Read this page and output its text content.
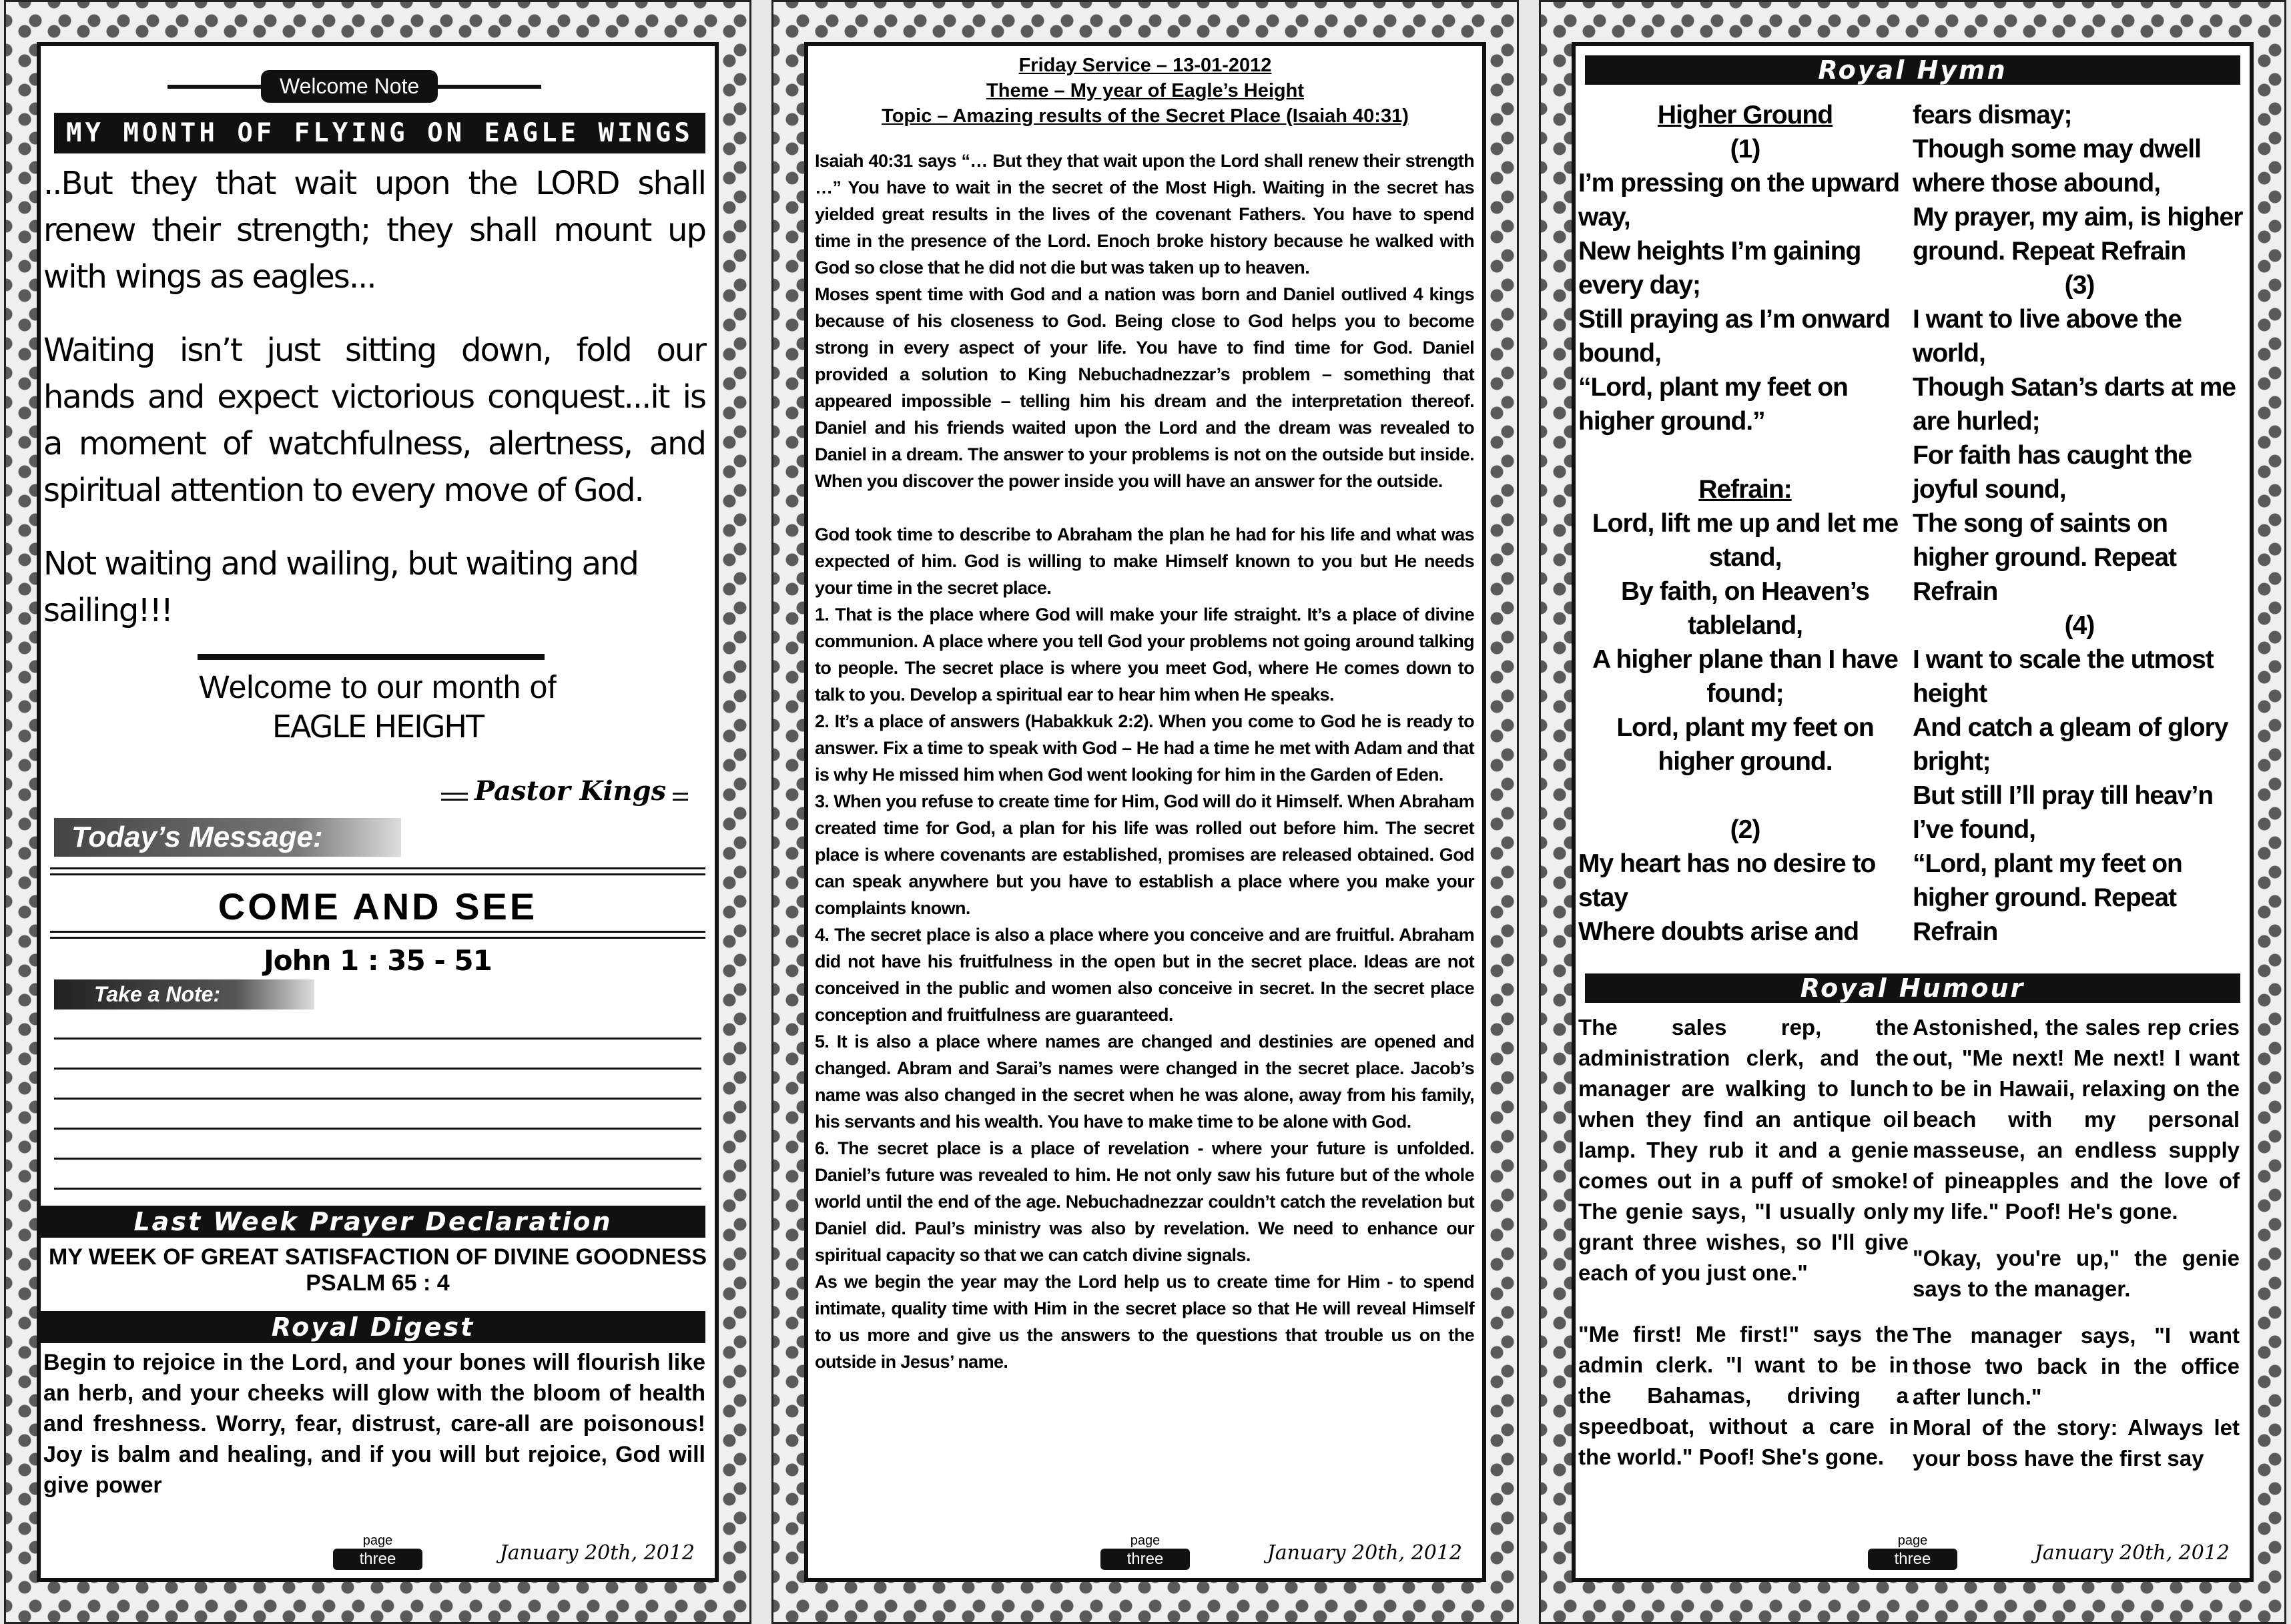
Welcome Note
MY MONTH OF FLYING ON EAGLE WINGS
..But they that wait upon the LORD shall renew their strength; they shall mount up with wings as eagles...
Waiting isn’t just sitting down, fold our hands and expect victorious conquest...it is a moment of watchfulness, alertness, and spiritual attention to every move of God.
Not waiting and wailing, but waiting and sailing!!!
Welcome to our month of
EAGLE HEIGHT
Pastor Kings
Today’s Message:
COME AND SEE
John 1 : 35 - 51
Take a Note:
Last Week Prayer Declaration
MY WEEK OF GREAT SATISFACTION OF DIVINE GOODNESS
PSALM 65 : 4
Royal Digest
Begin to rejoice in the Lord, and your bones will flourish like an herb, and your cheeks will glow with the bloom of health and freshness. Worry, fear, distrust, care-all are poisonous! Joy is balm and healing, and if you will but rejoice, God will give power
page
three	January 20th, 2012
Friday Service – 13-01-2012
Theme – My year of Eagle’s Height
Topic – Amazing results of the Secret Place (Isaiah 40:31)

Isaiah 40:31 says “… But they that wait upon the Lord shall renew their strength …” You have to wait in the secret of the Most High. Waiting in the secret has yielded great results in the lives of the covenant Fathers. You have to spend time in the presence of the Lord. Enoch broke history because he walked with God so close that he did not die but was taken up to heaven.

Moses spent time with God and a nation was born and Daniel outlived 4 kings because of his closeness to God. Being close to God helps you to become strong in every aspect of your life. You have to find time for God. Daniel provided a solution to King Nebuchadnezzar’s problem – something that appeared impossible – telling him his dream and the interpretation thereof. Daniel and his friends waited upon the Lord and the dream was revealed to Daniel in a dream. The answer to your problems is not on the outside but inside. When you discover the power inside you will have an answer for the outside.

God took time to describe to Abraham the plan he had for his life and what was expected of him. God is willing to make Himself known to you but He needs your time in the secret place.

1. That is the place where God will make your life straight. It’s a place of divine communion. A place where you tell God your problems not going around talking to people. The secret place is where you meet God, where He comes down to talk to you. Develop a spiritual ear to hear him when He speaks.

2. It’s a place of answers (Habakkuk 2:2). When you come to God he is ready to answer. Fix a time to speak with God – He had a time he met with Adam and that is why He missed him when God went looking for him in the Garden of Eden.

3. When you refuse to create time for Him, God will do it Himself. When Abraham created time for God, a plan for his life was rolled out before him. The secret place is where covenants are established, promises are released obtained. God can speak anywhere but you have to establish a place where you make your complaints known.

4. The secret place is also a place where you conceive and are fruitful. Abraham did not have his fruitfulness in the open but in the secret place. Ideas are not conceived in the public and women also conceive in secret. In the secret place conception and fruitfulness are guaranteed.

5. It is also a place where names are changed and destinies are opened and changed. Abram and Sarai’s names were changed in the secret place. Jacob’s name was also changed in the secret when he was alone, away from his family, his servants and his wealth. You have to make time to be alone with God.

6. The secret place is a place of revelation - where your future is unfolded. Daniel’s future was revealed to him. He not only saw his future but of the whole world until the end of the age. Nebuchadnezzar couldn’t catch the revelation but Daniel did. Paul’s ministry was also by revelation. We need to enhance our spiritual capacity so that we can catch divine signals.

As we begin the year may the Lord help us to create time for Him - to spend intimate, quality time with Him in the secret place so that He will reveal Himself to us more and give us the answers to the questions that trouble us on the outside in Jesus’ name.

page
three	January 20th, 2012
Royal Hymn
Higher Ground
(1)
I’m pressing on the upward way,
New heights I’m gaining every day;
Still praying as I’m onward bound,
“Lord, plant my feet on higher ground.”
Refrain:
Lord, lift me up and let me stand,
By faith, on Heaven’s tableland,
A higher plane than I have found;
Lord, plant my feet on higher ground.
(2)
My heart has no desire to stay
Where doubts arise and
fears dismay;
Though some may dwell where those abound,
My prayer, my aim, is higher ground. Repeat Refrain
(3)
I want to live above the world,
Though Satan’s darts at me are hurled;
For faith has caught the joyful sound,
The song of saints on higher ground. Repeat Refrain
(4)
I want to scale the utmost height
And catch a gleam of glory bright;
But still I’ll pray till heav’n I’ve found,
“Lord, plant my feet on higher ground. Repeat Refrain
Royal Humour
The sales rep, the administration clerk, and the manager are walking to lunch when they find an antique oil lamp. They rub it and a genie comes out in a puff of smoke! The genie says, "I usually only grant three wishes, so I'll give each of you just one."
"Me first! Me first!" says the admin clerk. "I want to be in the Bahamas, driving a speedboat, without a care in the world." Poof! She's gone.
Astonished, the sales rep cries out, "Me next! Me next! I want to be in Hawaii, relaxing on the beach with my personal masseuse, an endless supply of pineapples and the love of my life." Poof! He's gone.
"Okay, you're up," the genie says to the manager.
The manager says, "I want those two back in the office after lunch."
Moral of the story: Always let your boss have the first say
page
three	January 20th, 2012
